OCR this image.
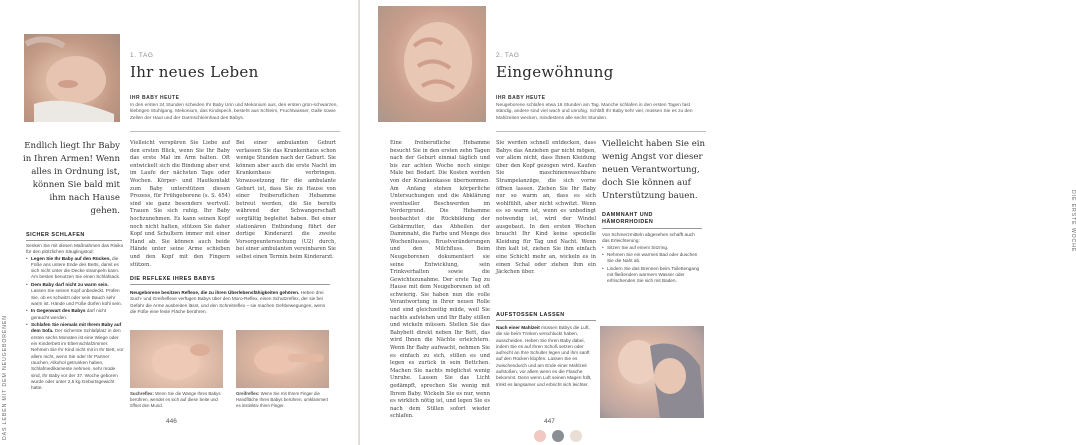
DAS LEBEN MIT DEM NEUGEBORENEN
1. TAG
Ihr neues Leben
IHR BABY HEUTE

In den ersten 24 Stunden scheiden Ihr Baby Urin und Mekonium aus, den ersten grün-schwarzen, klebrigen Stuhlgang. Mekonium, das Kindspech, besteht aus Schleim, Fruchtwasser, Galle sowie Zellen der Haut und der Darmschleimhaut des Babys.

Endlich liegt Ihr Baby in Ihren Armen! Wenn alles in Ordnung ist, können Sie bald mit ihm nach Hause gehen.
SICHER SCHLAFEN
Senken Sie mit diesen Maßnahmen das Risiko für den plötzlichen Säuglingstod:
• Legen Sie Ihr Baby auf den Rücken, die Füße ans untere Ende des Betts, damit es sich nicht unter die Decke strampeln kann. Am besten benutzen Sie einen Schlafsack.
• Dem Baby darf nicht zu warm sein. Lassen Sie seinen Kopf unbedeckt. Prüfen Sie, ob es schwitzt oder sein Bauch sehr warm ist. Hände und Füße dürfen kühl sein.
• In Gegenwart des Babys darf nicht geraucht werden.
• Schlafen Sie niemals mit Ihrem Baby auf dem Sofa. Der sicherste Schlafplatz in den ersten sechs Monaten ist eine Wiege oder ein Kinderbett im Elternschlafzimmer. Nehmen Sie Ihr Kind nicht mit in Ihr Bett, vor allem nicht, wenn Sie oder Ihr Partner rauchen, Alkohol getrunken haben, Schlafmedikamente nehmen, sehr müde sind, Ihr Baby vor der 37. Woche geboren wurde oder unter 2,5 kg Geburtsgewicht hatte.
Vielleicht verspüren Sie Liebe auf den ersten Blick, wenn Sie Ihr Baby das erste Mal im Arm halten. Oft entwickelt sich die Bindung aber erst im Laufe der nächsten Tage oder Wochen. Körper- und Hautkontakt zum Baby unterstützen diesen Prozess, für Frühgeborene (s. S. 454) sind sie ganz besonders wertvoll. Trauen Sie sich ruhig. Ihr Baby hochzunehmen. Es kann seinen Kopf noch nicht halten, stützen Sie daher Kopf und Schultern immer mit einer Hand ab. Sie können auch beide Hände unter seine Arme schieben und den Kopf mit den Fingern stützen.
Bei einer ambulanten Geburt verlassen Sie das Krankenhaus schon wenige Stunden nach der Geburt. Sie können aber auch die erste Nacht im Krankenhaus verbringen. Voraussetzung für die ambulante Geburt ist, dass Sie zu Hause von einer freiberuflichen Hebamme betreut werden, die Sie bereits während der Schwangerschaft sorgfältig begleitet haben. Bei einer stationären Entbindung führt der dortige Kinderarzt die zweite Vorsorgeuntersuchung (U2) durch, bei einer ambulanten vereinbaren Sie selbst einen Termin beim Kinderarzt.
DIE REFLEXE IHRES BABYS
Neugeborene besitzen Reflexe, die zu ihren Überlebensfähigkeiten gehören. Heben drei Such- und Greifreflexe verfügen Babys über den Moro-Reflex, einen Schutzreflex, der sie bei Gefahr die Arme ausbreiten lässt, und den Schreitreflex – sie machen Gehbewegungen, wenn die Füße eine feste Fläche berühren.
Suchreflex: Wenn Sie die Wange Ihres Babys berühren, wendet es sich auf diese Seite und öffnet den Mund.
Greifreflex: Wenn Sie mit Ihrem Finger die Handfläche Ihres Babys berühren, umklammert es instinktiv Ihren Finger.
446
2. TAG
Eingewöhnung
IHR BABY HEUTE

Neugeborene schlafen etwa 16 Stunden am Tag. Manche schlafen in den ersten Tagen fast ständig, andere sind viel wach und unruhig. Schläft Ihr Baby sehr viel, müssen Sie es zu den Mahlzeiten wecken, mindestens alle sechs Stunden.

Eine freiberufliche Hebamme besucht Sie in den ersten zehn Tagen nach der Geburt einmal täglich und bis zur achten Woche noch einige Male bei Bedarf. Die Kosten werden von der Krankenkasse übernommen. Am Anfang stehen körperliche Untersuchungen und die Abklärung eventueller Beschwerden im Vordergrund. Die Hebamme beobachtet die Rückbildung der Gebärmutter, das Abheilen der Dammnaht, die Farbe und Menge des Wochenflusses, Brustveränderungen und den Milchfluss. Beim Neugeborenen dokumentiert sie seine Entwicklung, sein Trinkverhalten sowie die Gewichtszunahme. Der erste Tag zu Hause mit dem Neugeborenen ist oft schwierig. Sie haben nun die volle Verantwortung in Ihrer neuen Rolle und sind gleichzeitig müde, weil Sie nachts aufstehen und Ihr Baby stillen und wickeln müssen. Stellen Sie das Babybett direkt neben Ihr Bett, das wird Ihnen die Nächte erleichtern. Wenn Ihr Baby aufwacht, nehmen Sie es einfach zu sich, stillen es und legen es zurück in sein Bettchen. Machen Sie nachts möglichst wenig Unruhe. Lassen Sie das Licht gedämpft, sprechen Sie wenig mit Ihrem Baby. Wickeln Sie es nur, wenn es wirklich nötig ist, und legen Sie es nach dem Stillen sofort wieder schlafen.
Sie werden schnell entdecken, dass Babys das Anziehen gar nicht mögen, vor allem nicht, dass Ihnen Kleidung über den Kopf gezogen wird. Kaufen Sie maschinenwaschbare Strampelanzüge, die sich vorne öffnen lassen. Ziehen Sie Ihr Baby nur so warm an, dass es sich wohlfühlt, aber nicht schwitzt. Wenn es so warm ist, wenn es unbedingt notwendig ist, wird der Windel ausgebaut. In den ersten Wochen braucht Ihr Kind keine spezielle Kleidung für Tag und Nacht. Wenn ihm kalt ist, ziehen Sie ihm einfach eine Schicht mehr an, wickeln es in einen Schal oder ziehen ihm ein Jäckchen über.
Vielleicht haben Sie ein wenig Angst vor dieser neuen Verantwortung, doch Sie können auf Unterstützung bauen.
DAMMNAHT UND HÄMORRHOIDEN
Von Schmerzmitteln abgesehen schafft auch das Erleichterung:
• Sitzen Sie auf einem Sitzring.
• Nehmen Sie ein warmes Bad oder duschen Sie die Naht ab.
• Lindern Sie das Brennen beim Toilettengang mit fließendem warmem Wasser oder erfrischenden Sie sich mit Baden.
AUFSTOSSEN LASSEN
Nach einer Mahlzeit müssen Babys die Luft, die sie beim Trinken verschluckt haben, ausscheiden. Heben Sie Ihren Baby dabei, indem Sie es auf Ihren Schoß setzen oder aufrecht an Ihre Schulter legen und ihm sanft auf den Rücken klopfen. Lassen Sie es zwischendurch und am Ende einer Mahlzeit aufstoßen, vor allem wenn es die Flasche bekommt. Denn wenn Luft seinen Magen füllt, trinkt es langsamer und erbricht sich leichter.
DIE ERSTE WOCHE
447
